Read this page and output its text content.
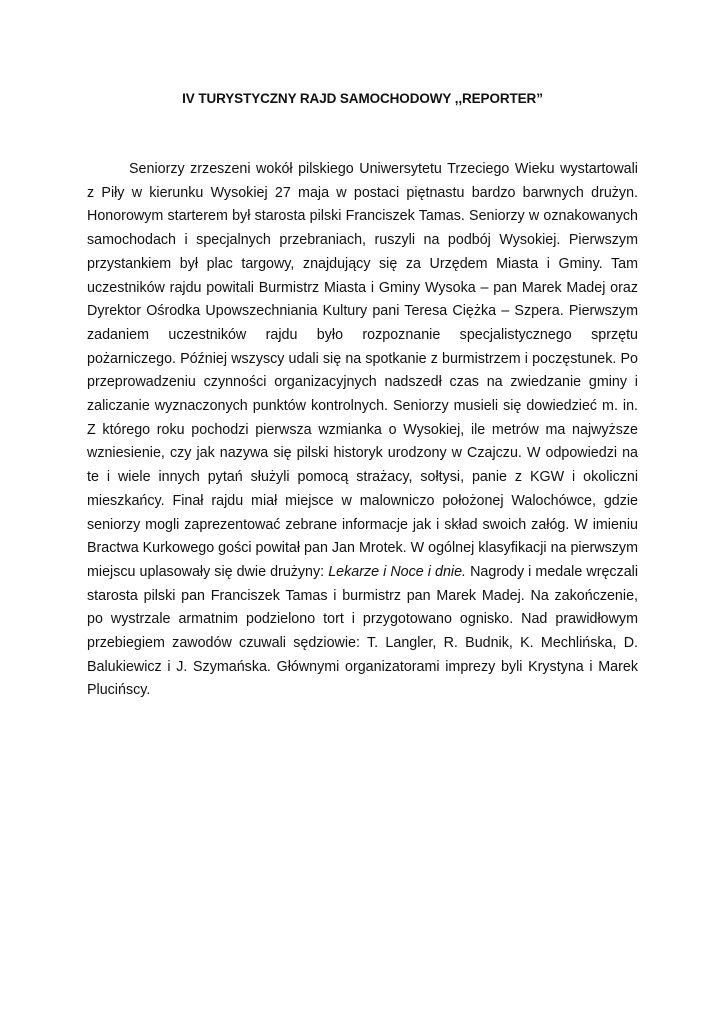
IV TURYSTYCZNY RAJD SAMOCHODOWY ,,REPORTER”

Seniorzy zrzeszeni wokół pilskiego Uniwersytetu Trzeciego Wieku wystartowali z Piły w kierunku Wysokiej 27 maja w postaci piętnastu bardzo barwnych drużyn. Honorowym starterem był starosta pilski Franciszek Tamas. Seniorzy w oznakowanych samochodach i specjalnych przebraniach, ruszyli na podbój Wysokiej. Pierwszym przystankiem był plac targowy, znajdujący się za Urzędem Miasta i Gminy. Tam uczestników rajdu powitali Burmistrz Miasta i Gminy Wysoka – pan Marek Madej oraz Dyrektor Ośrodka Upowszechniania Kultury pani Teresa Ciężka – Szpera. Pierwszym zadaniem uczestników rajdu było rozpoznanie specjalistycznego sprzętu pożarniczego. Później wszyscy udali się na spotkanie z burmistrzem i poczęstunek. Po przeprowadzeniu czynności organizacyjnych nadszedł czas na zwiedzanie gminy i zaliczanie wyznaczonych punktów kontrolnych. Seniorzy musieli się dowiedzieć m. in. Z którego roku pochodzi pierwsza wzmianka o Wysokiej, ile metrów ma najwyższe wzniesienie, czy jak nazywa się pilski historyk urodzony w Czajczu. W odpowiedzi na te i wiele innych pytań służyli pomocą strażacy, sołtysi, panie z KGW i okoliczni mieszkańcy. Finał rajdu miał miejsce w malowniczo położonej Walochówce, gdzie seniorzy mogli zaprezentować zebrane informacje jak i skład swoich załóg. W imieniu Bractwa Kurkowego gości powitał pan Jan Mrotek. W ogólnej klasyfikacji na pierwszym miejscu uplasowały się dwie drużyny: Lekarze i Noce i dnie. Nagrody i medale wręczali starosta pilski pan Franciszek Tamas i burmistrz pan Marek Madej. Na zakończenie, po wystrzale armatnim podzielono tort i przygotowano ognisko. Nad prawidłowym przebiegiem zawodów czuwali sędziowie: T. Langler, R. Budnik, K. Mechlińska, D. Balukiewicz i J. Szymańska. Głównymi organizatorami imprezy byli Krystyna i Marek Plucińscy.
